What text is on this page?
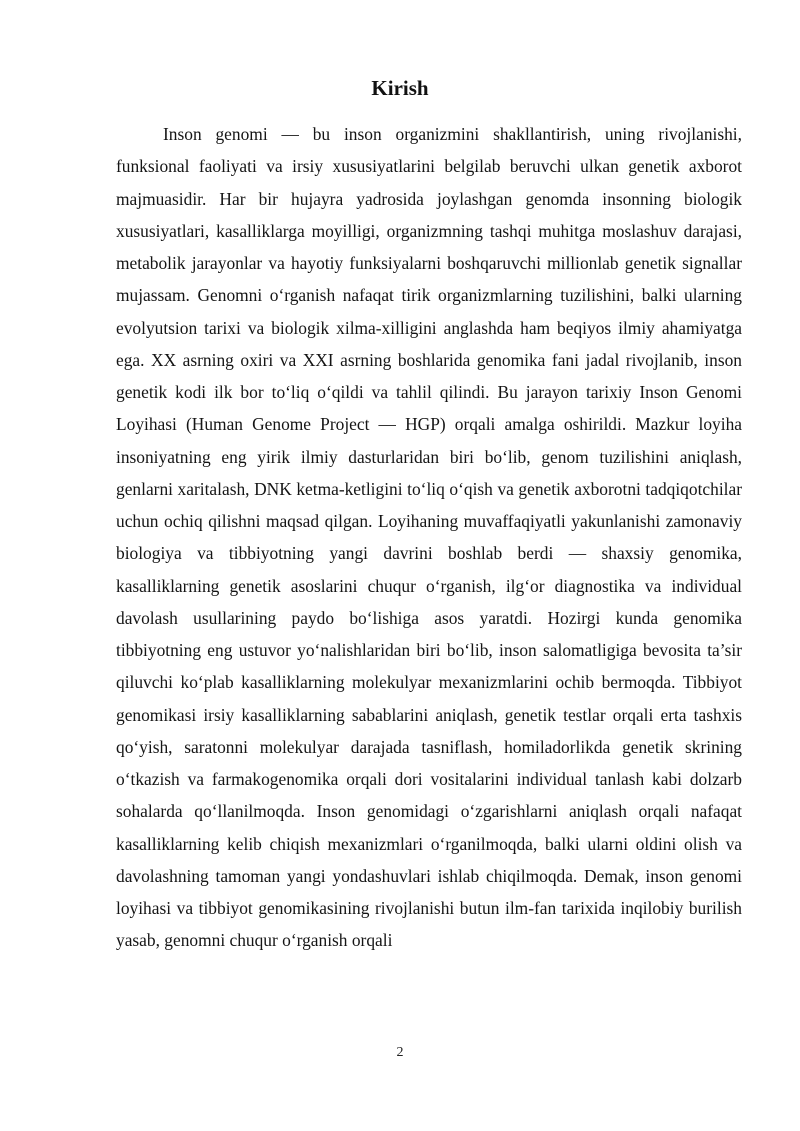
Kirish

Inson genomi — bu inson organizmini shakllantirish, uning rivojlanishi, funksional faoliyati va irsiy xususiyatlarini belgilab beruvchi ulkan genetik axborot majmuasidir. Har bir hujayra yadrosida joylashgan genomda insonning biologik xususiyatlari, kasalliklarga moyilligi, organizmning tashqi muhitga moslashuv darajasi, metabolik jarayonlar va hayotiy funksiyalarni boshqaruvchi millionlab genetik signallar mujassam. Genomni o‘rganish nafaqat tirik organizmlarning tuzilishini, balki ularning evolyutsion tarixi va biologik xilma-xilligini anglashda ham beqiyos ilmiy ahamiyatga ega. XX asrning oxiri va XXI asrning boshlarida genomika fani jadal rivojlanib, inson genetik kodi ilk bor to‘liq o‘qildi va tahlil qilindi. Bu jarayon tarixiy Inson Genomi Loyihasi (Human Genome Project — HGP) orqali amalga oshirildi. Mazkur loyiha insoniyatning eng yirik ilmiy dasturlaridan biri bo‘lib, genom tuzilishini aniqlash, genlarni xaritalash, DNK ketma-ketligini to‘liq o‘qish va genetik axborotni tadqiqotchilar uchun ochiq qilishni maqsad qilgan. Loyihaning muvaffaqiyatli yakunlanishi zamonaviy biologiya va tibbiyotning yangi davrini boshlab berdi — shaxsiy genomika, kasalliklarning genetik asoslarini chuqur o‘rganish, ilg‘or diagnostika va individual davolash usullarining paydo bo‘lishiga asos yaratdi. Hozirgi kunda genomika tibbiyotning eng ustuvor yo‘nalishlaridan biri bo‘lib, inson salomatligiga bevosita ta’sir qiluvchi ko‘plab kasalliklarning molekulyar mexanizmlarini ochib bermoqda. Tibbiyot genomikasi irsiy kasalliklarning sabablarini aniqlash, genetik testlar orqali erta tashxis qo‘yish, saratonni molekulyar darajada tasniflash, homiladorlikda genetik skrining o‘tkazish va farmakogenomika orqali dori vositalarini individual tanlash kabi dolzarb sohalarda qo‘llanilmoqda. Inson genomidagi o‘zgarishlarni aniqlash orqali nafaqat kasalliklarning kelib chiqish mexanizmlari o‘rganilmoqda, balki ularni oldini olish va davolashning tamoman yangi yondashuvlari ishlab chiqilmoqda. Demak, inson genomi loyihasi va tibbiyot genomikasining rivojlanishi butun ilm-fan tarixida inqilobiy burilish yasab, genomni chuqur o‘rganish orqali

2
